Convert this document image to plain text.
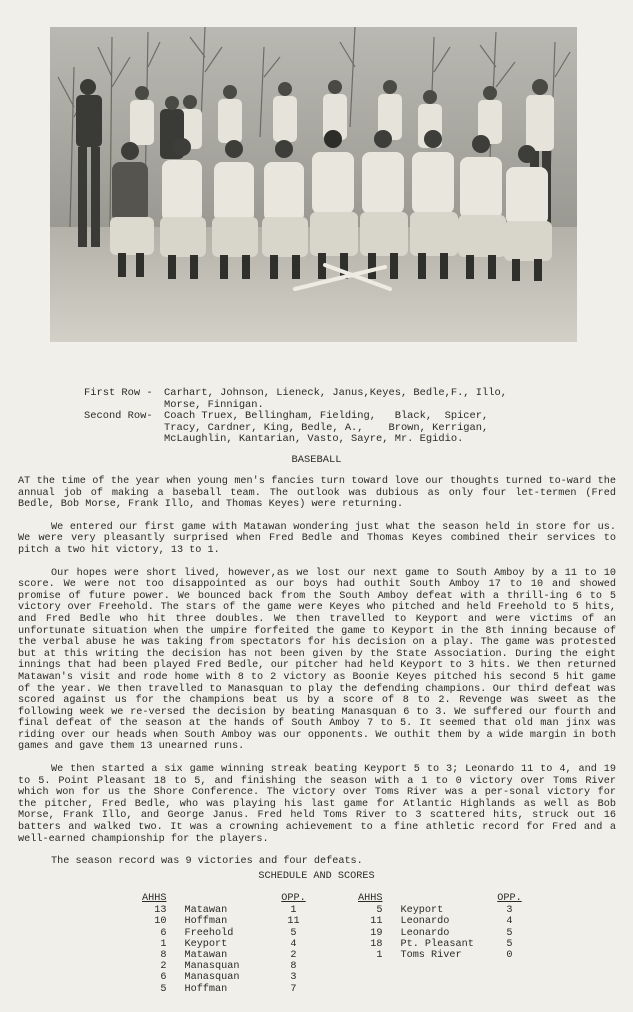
First Row -	Carhart, Johnson, Lieneck, Janus,Keyes, Bedle,F., Illo,
Morse, Finnigan.
Second Row-	Coach Truex, Bellingham, Fielding,   Black,  Spicer,
Tracy, Cardner, King, Bedle, A.,    Brown, Kerrigan,
McLaughlin, Kantarian, Vasto, Sayre, Mr. Egidio.
BASEBALL

AT the time of the year when young men's fancies turn toward love our thoughts turned to-ward the annual job of making a baseball team. The outlook was dubious as only four let-termen (Fred Bedle, Bob Morse, Frank Illo, and Thomas Keyes) were returning.

We entered our first game with Matawan wondering just what the season held in store for us. We were very pleasantly surprised when Fred Bedle and Thomas Keyes combined their services to pitch a two hit victory, 13 to 1.

Our hopes were short lived, however,as we lost our next game to South Amboy by a 11 to 10 score. We were not too disappointed as our boys had outhit South Amboy 17 to 10 and showed promise of future power. We bounced back from the South Amboy defeat with a thrill-ing 6 to 5 victory over Freehold. The stars of the game were Keyes who pitched and held Freehold to 5 hits, and Fred Bedle who hit three doubles. We then travelled to Keyport and were victims of an unfortunate situation when the umpire forfeited the game to Keyport in the 8th inning because of the verbal abuse he was taking from spectators for his decision on a play. The game was protested but at this writing the decision has not been given by the State Association. During the eight innings that had been played Fred Bedle, our pitcher had held Keyport to 3 hits. We then returned Matawan's visit and rode home with 8 to 2 victory as Boonie Keyes pitched his second 5 hit game of the year. We then travelled to Manasquan to play the defending champions. Our third defeat was scored against us for the champions beat us by a score of 8 to 2. Revenge was sweet as the following week we re-versed the decision by beating Manasquan 6 to 3. We suffered our fourth and final defeat of the season at the hands of South Amboy 7 to 5. It seemed that old man jinx was riding over our heads when South Amboy was our opponents. We outhit them by a wide margin in both games and gave them 13 unearned runs.

We then started a six game winning streak beating Keyport 5 to 3; Leonardo 11 to 4, and 19 to 5. Point Pleasant 18 to 5, and finishing the season with a 1 to 0 victory over Toms River which won for us the Shore Conference. The victory over Toms River was a per-sonal victory for the pitcher, Fred Bedle, who was playing his last game for Atlantic Highlands as well as Bob Morse, Frank Illo, and George Janus. Fred held Toms River to 3 scattered hits, struck out 16 batters and walked two. It was a crowning achievement to a fine athletic record for Fred and a well-earned championship for the players.

The season record was 9 victories and four defeats.

SCHEDULE AND SCORES
AHHS		OPP.
13	Matawan	1
10	Hoffman	11
6	Freehold	5
1	Keyport	4
8	Matawan	2
2	Manasquan	8
6	Manasquan	3
5	Hoffman	7
AHHS		OPP.
5	Keyport	3
11	Leonardo	4
19	Leonardo	5
18	Pt. Pleasant	5
1	Toms River	0
